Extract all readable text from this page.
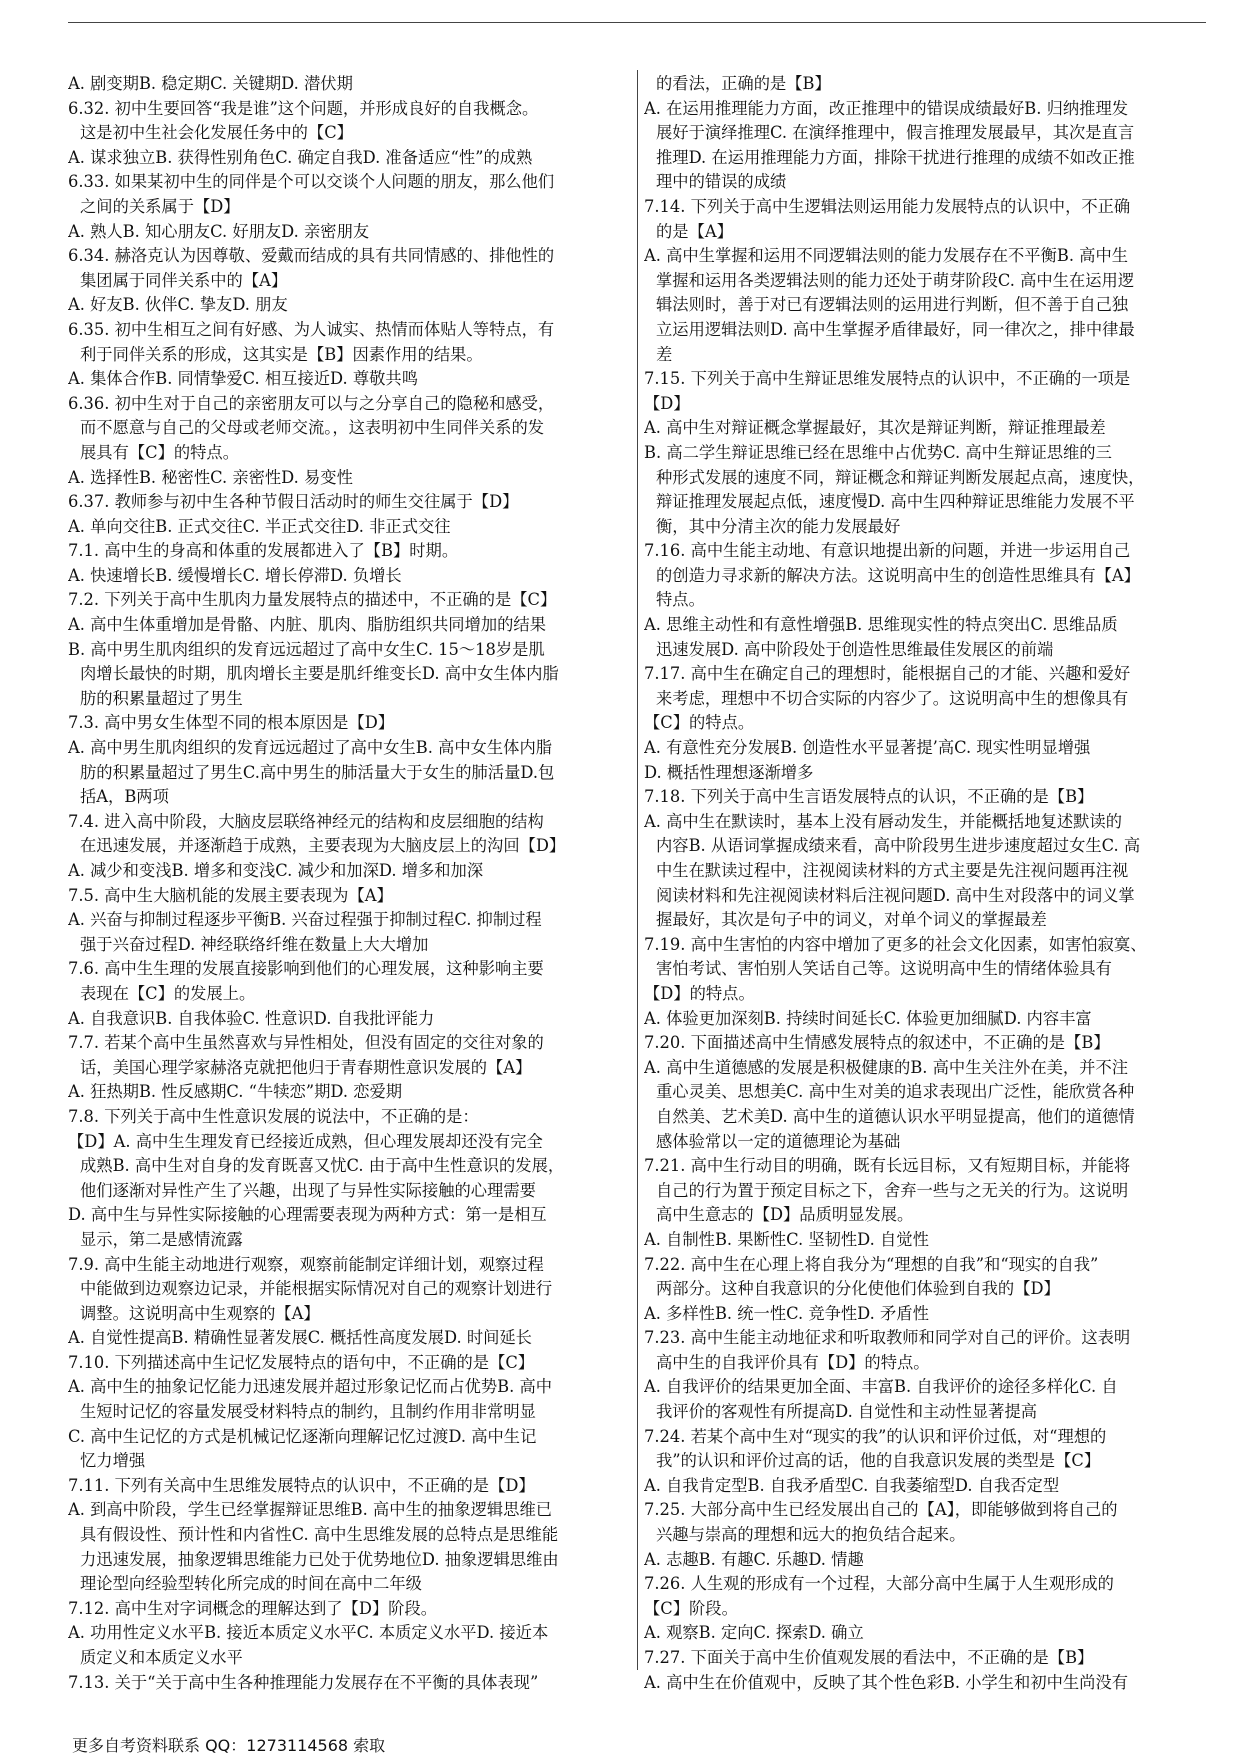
A. 剧变期B. 稳定期C. 关键期D. 潜伏期
6.32. 初中生要回答“我是谁”这个问题，并形成良好的自我概念。
这是初中生社会化发展任务中的【C】
A. 谋求独立B. 获得性别角色C. 确定自我D. 准备适应“性”的成熟
6.33. 如果某初中生的同伴是个可以交谈个人问题的朋友，那么他们
之间的关系属于【D】
A. 熟人B. 知心朋友C. 好朋友D. 亲密朋友
6.34. 赫洛克认为因尊敬、爱戴而结成的具有共同情感的、排他性的
集团属于同伴关系中的【A】
A. 好友B. 伙伴C. 挚友D. 朋友
6.35. 初中生相互之间有好感、为人诚实、热情而体贴人等特点，有
利于同伴关系的形成，这其实是【B】因素作用的结果。
A. 集体合作B. 同情挚爱C. 相互接近D. 尊敬共鸣
6.36. 初中生对于自己的亲密朋友可以与之分享自己的隐秘和感受，
而不愿意与自己的父母或老师交流。，这表明初中生同伴关系的发
展具有【C】的特点。
A. 选择性B. 秘密性C. 亲密性D. 易变性
6.37. 教师参与初中生各种节假日活动时的师生交往属于【D】
A. 单向交往B. 正式交往C. 半正式交往D. 非正式交往
7.1. 高中生的身高和体重的发展都进入了【B】时期。
A. 快速增长B. 缓慢增长C. 增长停滞D. 负增长
7.2. 下列关于高中生肌肉力量发展特点的描述中，不正确的是【C】
A. 高中生体重增加是骨骼、内脏、肌肉、脂肪组织共同增加的结果
B. 高中男生肌肉组织的发育远远超过了高中女生C. 15～18岁是肌
肉增长最快的时期，肌肉增长主要是肌纤维变长D. 高中女生体内脂
肪的积累量超过了男生
7.3. 高中男女生体型不同的根本原因是【D】
A. 高中男生肌肉组织的发育远远超过了高中女生B. 高中女生体内脂
肪的积累量超过了男生C.高中男生的肺活量大于女生的肺活量D.包
括A，B两项
7.4. 进入高中阶段，大脑皮层联络神经元的结构和皮层细胞的结构
在迅速发展，并逐渐趋于成熟，主要表现为大脑皮层上的沟回【D】
A. 减少和变浅B. 增多和变浅C. 减少和加深D. 增多和加深
7.5. 高中生大脑机能的发展主要表现为【A】
A. 兴奋与抑制过程逐步平衡B. 兴奋过程强于抑制过程C. 抑制过程
强于兴奋过程D. 神经联络纤维在数量上大大增加
7.6. 高中生生理的发展直接影响到他们的心理发展，这种影响主要
表现在【C】的发展上。
A. 自我意识B. 自我体验C. 性意识D. 自我批评能力
7.7. 若某个高中生虽然喜欢与异性相处，但没有固定的交往对象的
话，美国心理学家赫洛克就把他归于青春期性意识发展的【A】
A. 狂热期B. 性反感期C. “牛犊恋”期D. 恋爱期
7.8. 下列关于高中生性意识发展的说法中，不正确的是：
【D】A. 高中生生理发育已经接近成熟，但心理发展却还没有完全
成熟B. 高中生对自身的发育既喜又忧C. 由于高中生性意识的发展，
他们逐渐对异性产生了兴趣，出现了与异性实际接触的心理需要
D. 高中生与异性实际接触的心理需要表现为两种方式：第一是相互
显示，第二是感情流露
7.9. 高中生能主动地进行观察，观察前能制定详细计划，观察过程
中能做到边观察边记录，并能根据实际情况对自己的观察计划进行
调整。这说明高中生观察的【A】
A. 自觉性提高B. 精确性显著发展C. 概括性高度发展D. 时间延长
7.10. 下列描述高中生记忆发展特点的语句中，不正确的是【C】
A. 高中生的抽象记忆能力迅速发展并超过形象记忆而占优势B. 高中
生短时记忆的容量发展受材料特点的制约，且制约作用非常明显
C. 高中生记忆的方式是机械记忆逐渐向理解记忆过渡D. 高中生记
忆力增强
7.11. 下列有关高中生思维发展特点的认识中，不正确的是【D】
A. 到高中阶段，学生已经掌握辩证思维B. 高中生的抽象逻辑思维已
具有假设性、预计性和内省性C. 高中生思维发展的总特点是思维能
力迅速发展，抽象逻辑思维能力已处于优势地位D. 抽象逻辑思维由
理论型向经验型转化所完成的时间在高中二年级
7.12. 高中生对字词概念的理解达到了【D】阶段。
A. 功用性定义水平B. 接近本质定义水平C. 本质定义水平D. 接近本
质定义和本质定义水平
7.13. 关于“关于高中生各种推理能力发展存在不平衡的具体表现”
的看法，正确的是【B】
A. 在运用推理能力方面，改正推理中的错误成绩最好B. 归纳推理发
展好于演绎推理C. 在演绎推理中，假言推理发展最早，其次是直言
推理D. 在运用推理能力方面，排除干扰进行推理的成绩不如改正推
理中的错误的成绩
7.14. 下列关于高中生逻辑法则运用能力发展特点的认识中，不正确
的是【A】
A. 高中生掌握和运用不同逻辑法则的能力发展存在不平衡B. 高中生
掌握和运用各类逻辑法则的能力还处于萌芽阶段C. 高中生在运用逻
辑法则时，善于对已有逻辑法则的运用进行判断，但不善于自己独
立运用逻辑法则D. 高中生掌握矛盾律最好，同一律次之，排中律最
差
7.15. 下列关于高中生辩证思维发展特点的认识中，不正确的一项是
【D】
A. 高中生对辩证概念掌握最好，其次是辩证判断，辩证推理最差
B. 高二学生辩证思维已经在思维中占优势C. 高中生辩证思维的三
种形式发展的速度不同，辩证概念和辩证判断发展起点高，速度快，
辩证推理发展起点低，速度慢D. 高中生四种辩证思维能力发展不平
衡，其中分清主次的能力发展最好
7.16. 高中生能主动地、有意识地提出新的问题，并进一步运用自己
的创造力寻求新的解决方法。这说明高中生的创造性思维具有【A】
特点。
A. 思维主动性和有意性增强B. 思维现实性的特点突出C. 思维品质
迅速发展D. 高中阶段处于创造性思维最佳发展区的前端
7.17. 高中生在确定自己的理想时，能根据自己的才能、兴趣和爱好
来考虑，理想中不切合实际的内容少了。这说明高中生的想像具有
【C】的特点。
A. 有意性充分发展B. 创造性水平显著提’高C. 现实性明显增强
D. 概括性理想逐渐增多
7.18. 下列关于高中生言语发展特点的认识，不正确的是【B】
A. 高中生在默读时，基本上没有唇动发生，并能概括地复述默读的
内容B. 从语词掌握成绩来看，高中阶段男生进步速度超过女生C. 高
中生在默读过程中，注视阅读材料的方式主要是先注视问题再注视
阅读材料和先注视阅读材料后注视问题D. 高中生对段落中的词义掌
握最好，其次是句子中的词义，对单个词义的掌握最差
7.19. 高中生害怕的内容中增加了更多的社会文化因素，如害怕寂寞、
害怕考试、害怕别人笑话自己等。这说明高中生的情绪体验具有
【D】的特点。
A. 体验更加深刻B. 持续时间延长C. 体验更加细腻D. 内容丰富
7.20. 下面描述高中生情感发展特点的叙述中，不正确的是【B】
A. 高中生道德感的发展是积极健康的B. 高中生关注外在美，并不注
重心灵美、思想美C. 高中生对美的追求表现出广泛性，能欣赏各种
自然美、艺术美D. 高中生的道德认识水平明显提高，他们的道德情
感体验常以一定的道德理论为基础
7.21. 高中生行动目的明确，既有长远目标，又有短期目标，并能将
自己的行为置于预定目标之下，舍弃一些与之无关的行为。这说明
高中生意志的【D】品质明显发展。
A. 自制性B. 果断性C. 坚韧性D. 自觉性
7.22. 高中生在心理上将自我分为“理想的自我”和“现实的自我”
两部分。这种自我意识的分化使他们体验到自我的【D】
A. 多样性B. 统一性C. 竞争性D. 矛盾性
7.23. 高中生能主动地征求和听取教师和同学对自己的评价。这表明
高中生的自我评价具有【D】的特点。
A. 自我评价的结果更加全面、丰富B. 自我评价的途径多样化C. 自
我评价的客观性有所提高D. 自觉性和主动性显著提高
7.24. 若某个高中生对“现实的我”的认识和评价过低，对“理想的
我”的认识和评价过高的话，他的自我意识发展的类型是【C】
A. 自我肯定型B. 自我矛盾型C. 自我萎缩型D. 自我否定型
7.25. 大部分高中生已经发展出自己的【A】，即能够做到将自己的
兴趣与崇高的理想和远大的抱负结合起来。
A. 志趣B. 有趣C. 乐趣D. 情趣
7.26. 人生观的形成有一个过程，大部分高中生属于人生观形成的
【C】阶段。
A. 观察B. 定向C. 探索D. 确立
7.27. 下面关于高中生价值观发展的看法中，不正确的是【B】
A. 高中生在价值观中，反映了其个性色彩B. 小学生和初中生尚没有
更多自考资料联系 QQ：1273114568 索取
